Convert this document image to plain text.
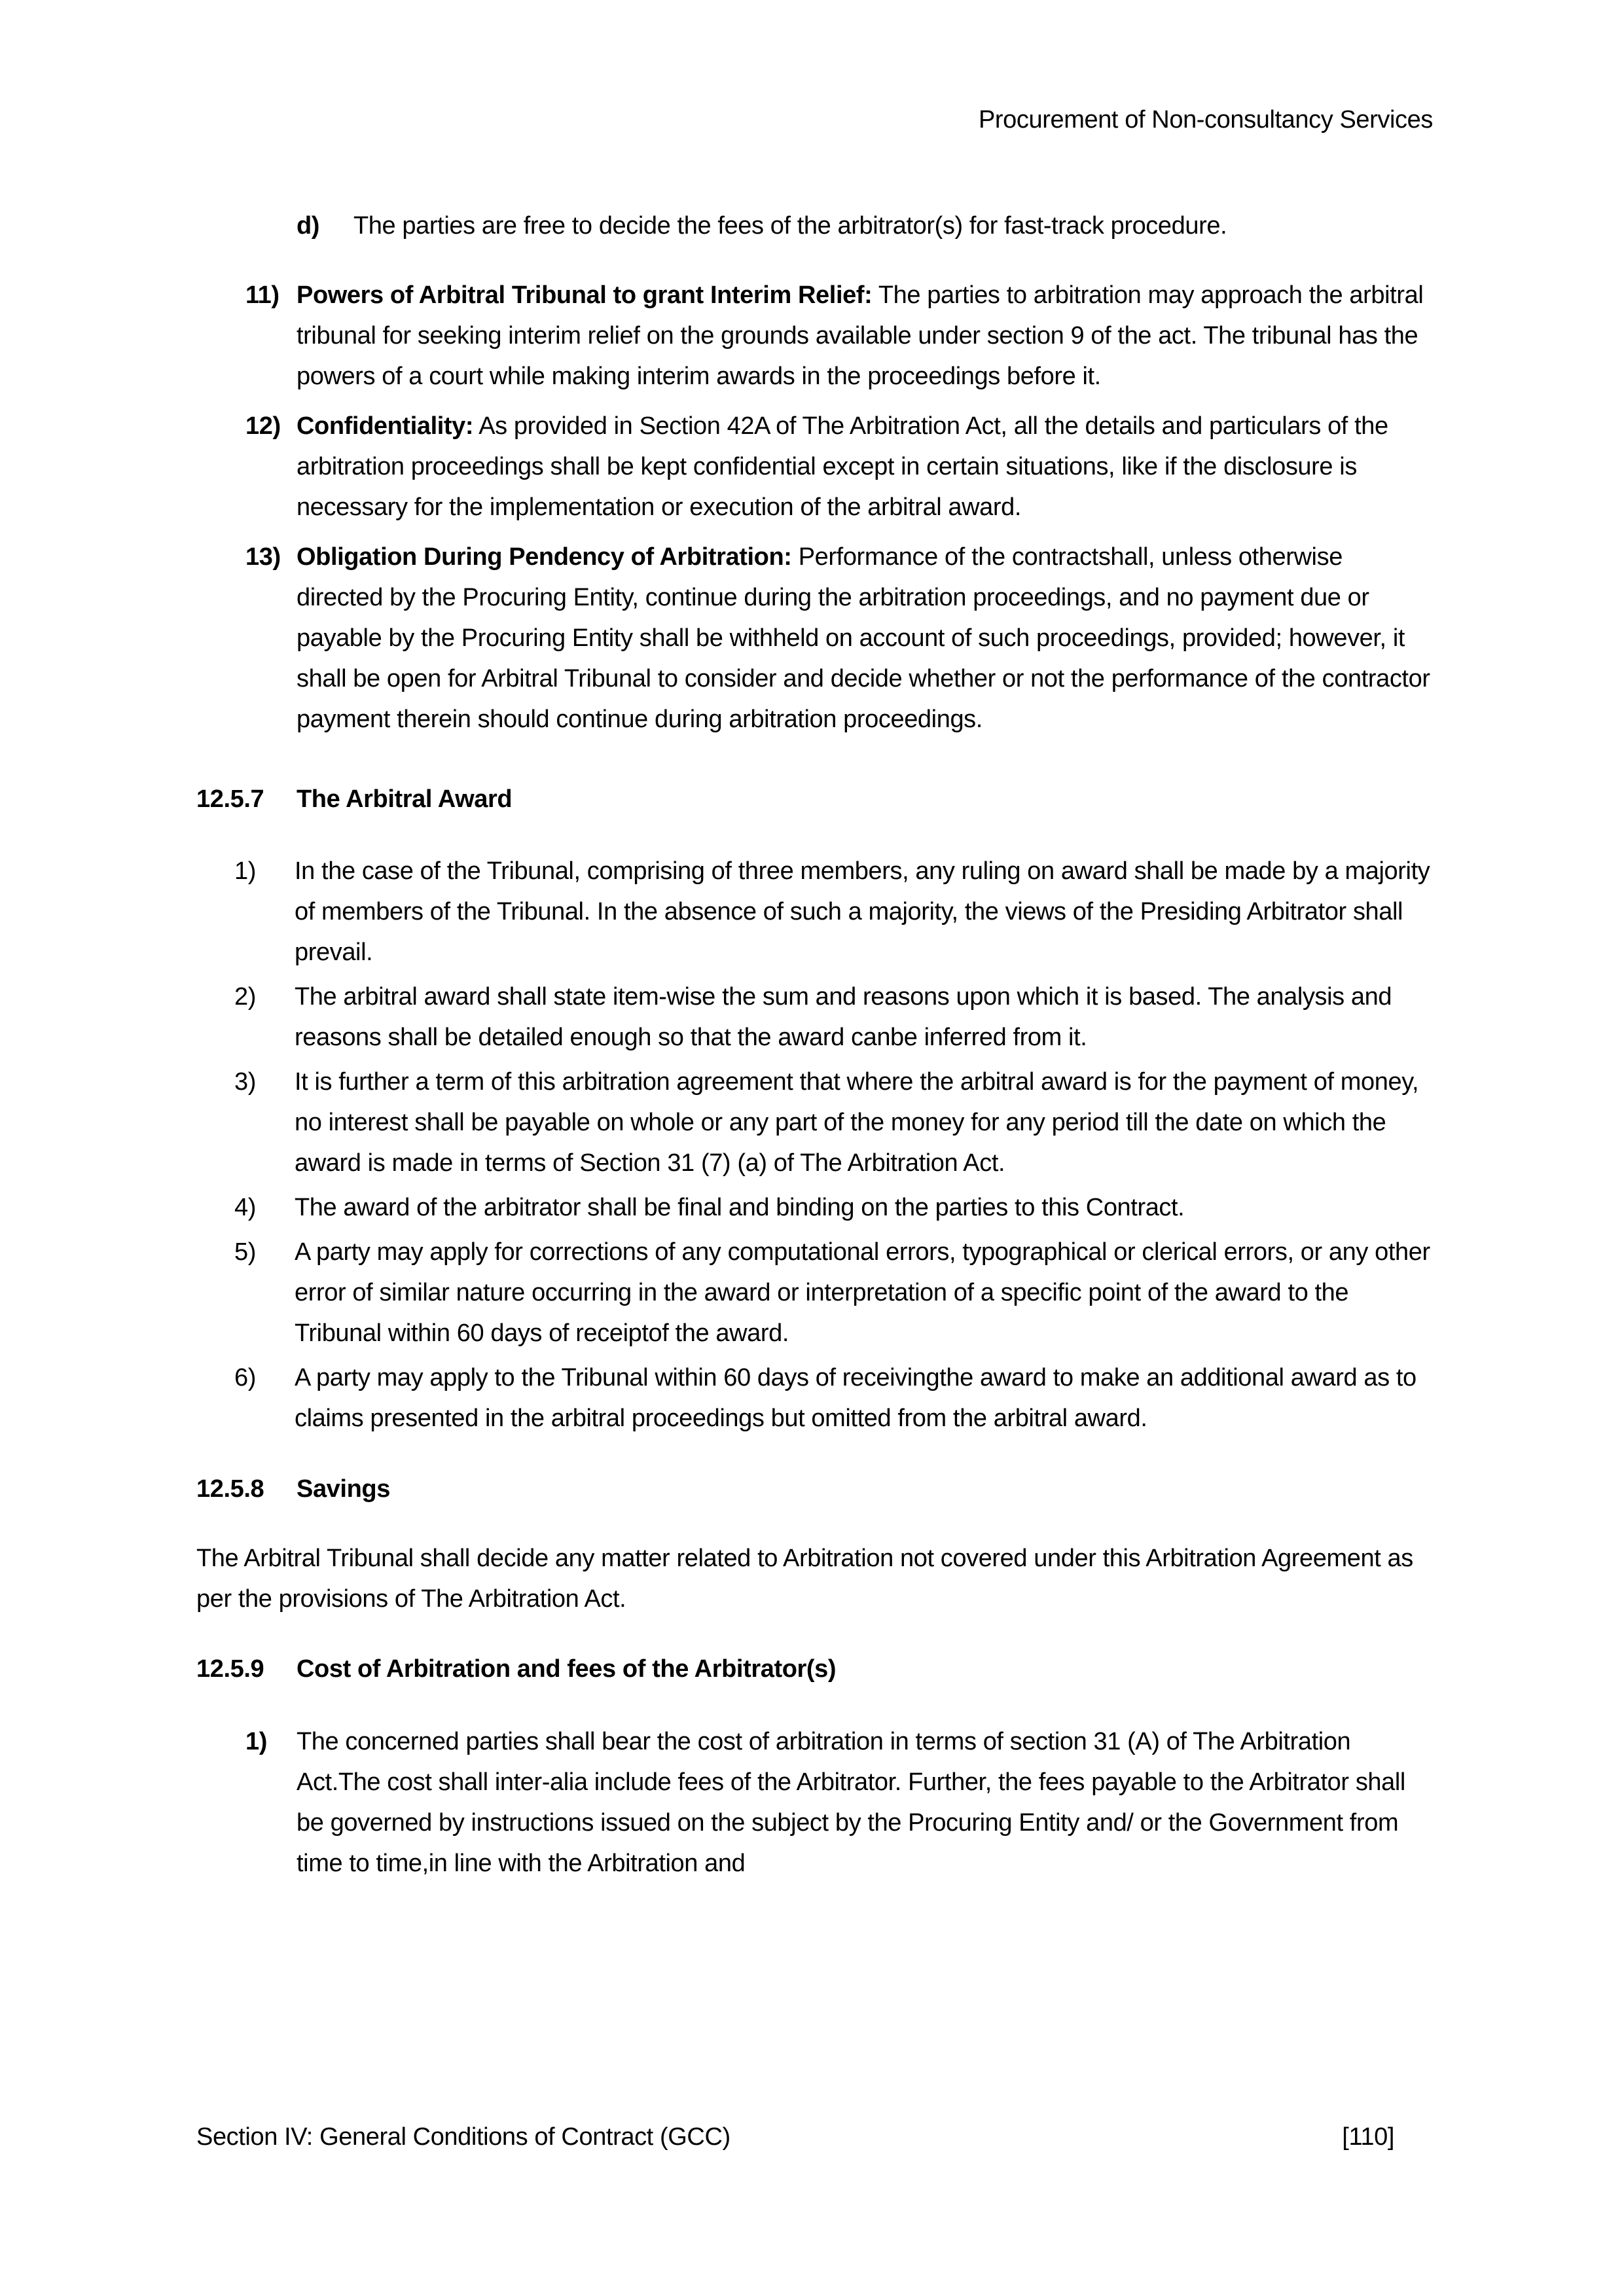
Procurement of Non-consultancy Services
d) The parties are free to decide the fees of the arbitrator(s) for fast-track procedure.
11) Powers of Arbitral Tribunal to grant Interim Relief: The parties to arbitration may approach the arbitral tribunal for seeking interim relief on the grounds available under section 9 of the act. The tribunal has the powers of a court while making interim awards in the proceedings before it.
12) Confidentiality: As provided in Section 42A of The Arbitration Act, all the details and particulars of the arbitration proceedings shall be kept confidential except in certain situations, like if the disclosure is necessary for the implementation or execution of the arbitral award.
13) Obligation During Pendency of Arbitration: Performance of the contractshall, unless otherwise directed by the Procuring Entity, continue during the arbitration proceedings, and no payment due or payable by the Procuring Entity shall be withheld on account of such proceedings, provided; however, it shall be open for Arbitral Tribunal to consider and decide whether or not the performance of the contractor payment therein should continue during arbitration proceedings.
12.5.7 The Arbitral Award
1) In the case of the Tribunal, comprising of three members, any ruling on award shall be made by a majority of members of the Tribunal. In the absence of such a majority, the views of the Presiding Arbitrator shall prevail.
2) The arbitral award shall state item-wise the sum and reasons upon which it is based. The analysis and reasons shall be detailed enough so that the award canbe inferred from it.
3) It is further a term of this arbitration agreement that where the arbitral award is for the payment of money, no interest shall be payable on whole or any part of the money for any period till the date on which the award is made in terms of Section 31 (7) (a) of The Arbitration Act.
4) The award of the arbitrator shall be final and binding on the parties to this Contract.
5) A party may apply for corrections of any computational errors, typographical or clerical errors, or any other error of similar nature occurring in the award or interpretation of a specific point of the award to the Tribunal within 60 days of receiptof the award.
6) A party may apply to the Tribunal within 60 days of receivingthe award to make an additional award as to claims presented in the arbitral proceedings but omitted from the arbitral award.
12.5.8 Savings
The Arbitral Tribunal shall decide any matter related to Arbitration not covered under this Arbitration Agreement as per the provisions of The Arbitration Act.
12.5.9 Cost of Arbitration and fees of the Arbitrator(s)
1) The concerned parties shall bear the cost of arbitration in terms of section 31 (A) of The Arbitration Act.The cost shall inter-alia include fees of the Arbitrator. Further, the fees payable to the Arbitrator shall be governed by instructions issued on the subject by the Procuring Entity and/ or the Government from time to time,in line with the Arbitration and
Section IV: General Conditions of Contract (GCC)	[110]
